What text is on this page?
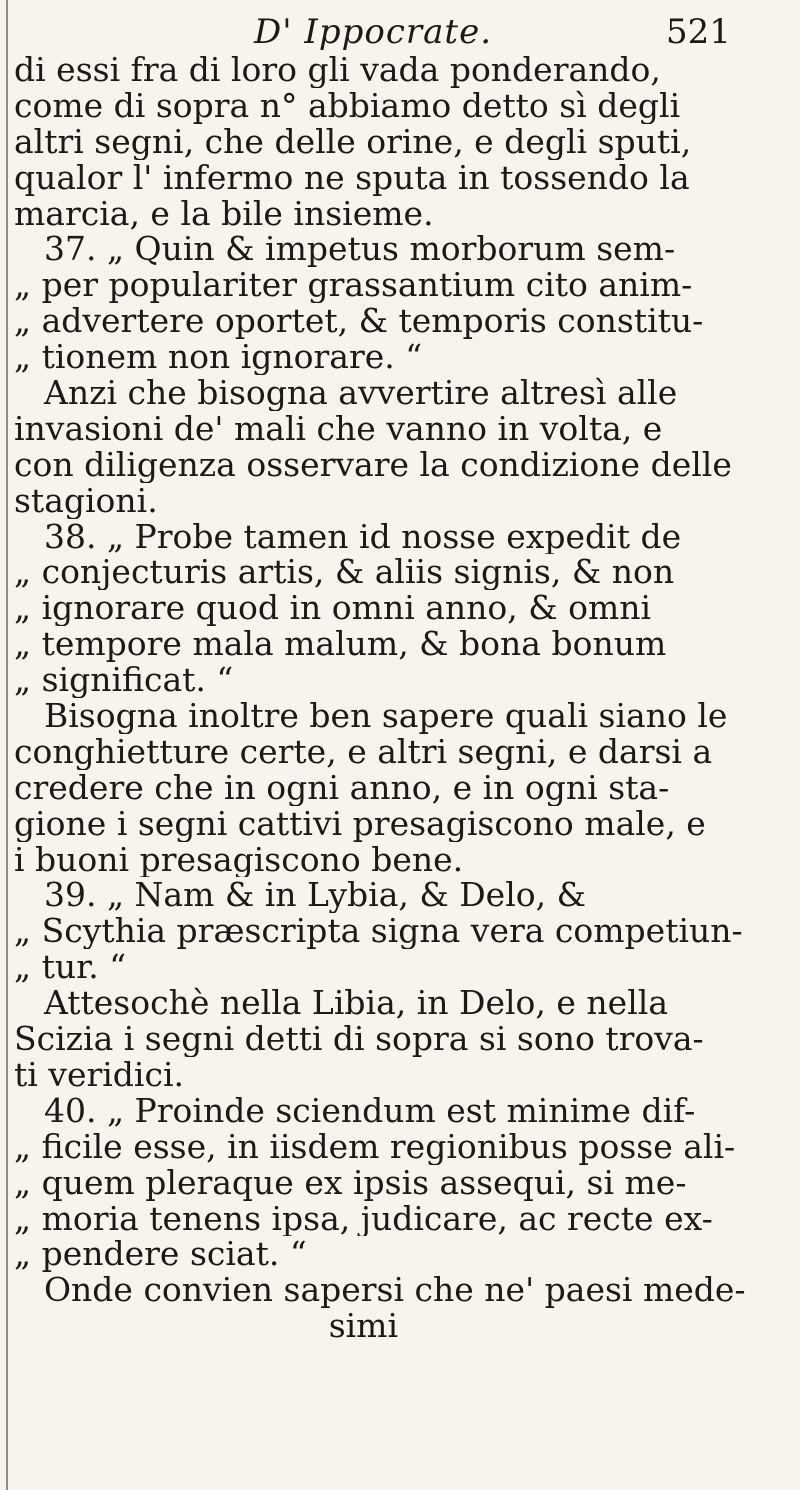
D' Ippocrate.	521
di essi fra di loro gli vada ponderando,
come di sopra n° abbiamo detto sì degli
altri segni, che delle orine, e degli sputi,
qualor l' infermo ne sputa in tossendo la
marcia, e la bile insieme.
37. „ Quin & impetus morborum sem-
„ per populariter grassantium cito anim-
„ advertere oportet, & temporis constitu-
„ tionem non ignorare. “
Anzi che bisogna avvertire altresì alle
invasioni de' mali che vanno in volta, e
con diligenza osservare la condizione delle
stagioni.
38. „ Probe tamen id nosse expedit de
„ conjecturis artis, & aliis signis, & non
„ ignorare quod in omni anno, & omni
„ tempore mala malum, & bona bonum
„ significat. “
Bisogna inoltre ben sapere quali siano le
conghietture certe, e altri segni, e darsi a
credere che in ogni anno, e in ogni sta-
gione i segni cattivi presagiscono male, e
i buoni presagiscono bene.
39. „ Nam & in Lybia, & Delo, &
„ Scythia præscripta signa vera competiun-
„ tur. “
Attesochè nella Libia, in Delo, e nella
Scizia i segni detti di sopra si sono trova-
ti veridici.
40. „ Proinde sciendum est minime dif-
„ ficile esse, in iisdem regionibus posse ali-
„ quem pleraque ex ipsis assequi, si me-
„ moria tenens ipsa, judicare, ac recte ex-
„ pendere sciat. “
Onde convien sapersi che ne' paesi mede-
simi
